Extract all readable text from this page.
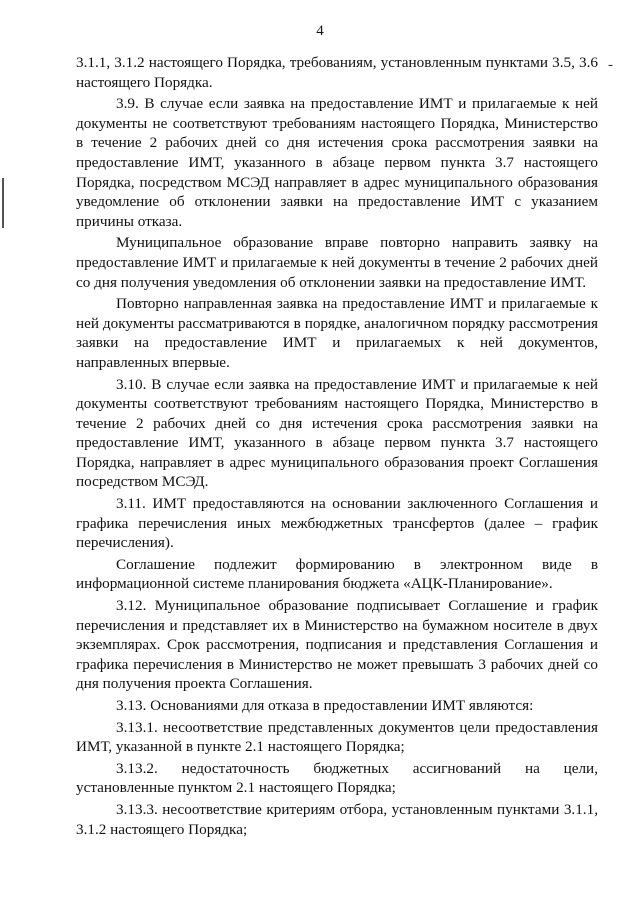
4
-

3.1.1, 3.1.2 настоящего Порядка, требованиям, установленным пунктами 3.5, 3.6 настоящего Порядка.

3.9. В случае если заявка на предоставление ИМТ и прилагаемые к ней документы не соответствуют требованиям настоящего Порядка, Министерство в течение 2 рабочих дней со дня истечения срока рассмотрения заявки на предоставление ИМТ, указанного в абзаце первом пункта 3.7 настоящего Порядка, посредством МСЭД направляет в адрес муниципального образования уведомление об отклонении заявки на предоставление ИМТ с указанием причины отказа.

Муниципальное образование вправе повторно направить заявку на предоставление ИМТ и прилагаемые к ней документы в течение 2 рабочих дней со дня получения уведомления об отклонении заявки на предоставление ИМТ.

Повторно направленная заявка на предоставление ИМТ и прилагаемые к ней документы рассматриваются в порядке, аналогичном порядку рассмотрения заявки на предоставление ИМТ и прилагаемых к ней документов, направленных впервые.

3.10. В случае если заявка на предоставление ИМТ и прилагаемые к ней документы соответствуют требованиям настоящего Порядка, Министерство в течение 2 рабочих дней со дня истечения срока рассмотрения заявки на предоставление ИМТ, указанного в абзаце первом пункта 3.7 настоящего Порядка, направляет в адрес муниципального образования проект Соглашения посредством МСЭД.

3.11. ИМТ предоставляются на основании заключенного Соглашения и графика перечисления иных межбюджетных трансфертов (далее – график перечисления).

Соглашение подлежит формированию в электронном виде в информационной системе планирования бюджета «АЦК-Планирование».

3.12. Муниципальное образование подписывает Соглашение и график перечисления и представляет их в Министерство на бумажном носителе в двух экземплярах. Срок рассмотрения, подписания и представления Соглашения и графика перечисления в Министерство не может превышать 3 рабочих дней со дня получения проекта Соглашения.

3.13. Основаниями для отказа в предоставлении ИМТ являются:

3.13.1. несоответствие представленных документов цели предоставления ИМТ, указанной в пункте 2.1 настоящего Порядка;

3.13.2. недостаточность бюджетных ассигнований на цели, установленные пунктом 2.1 настоящего Порядка;

3.13.3. несоответствие критериям отбора, установленным пунктами 3.1.1, 3.1.2 настоящего Порядка;
